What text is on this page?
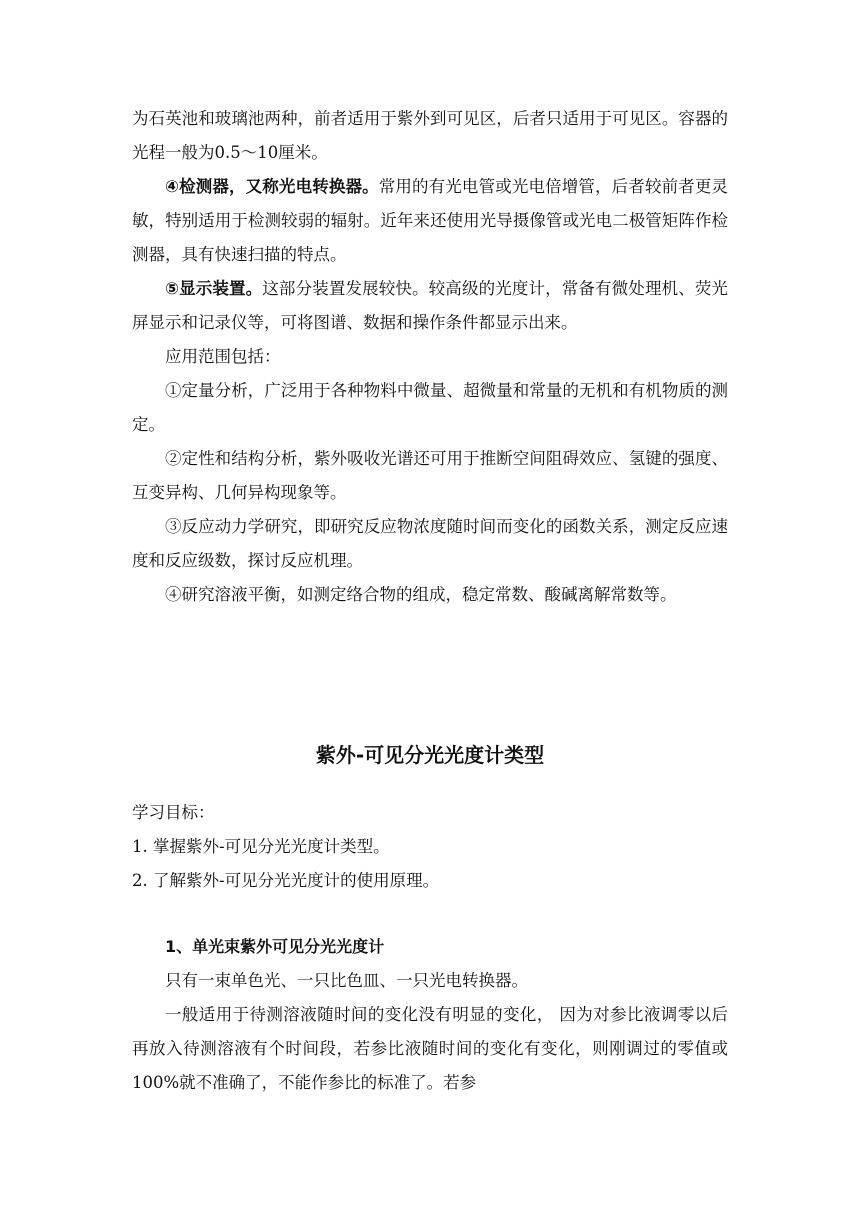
为石英池和玻璃池两种，前者适用于紫外到可见区，后者只适用于可见区。容器的光程一般为0.5～10厘米。

④检测器，又称光电转换器。常用的有光电管或光电倍增管，后者较前者更灵敏，特别适用于检测较弱的辐射。近年来还使用光导摄像管或光电二极管矩阵作检测器，具有快速扫描的特点。

⑤显示装置。这部分装置发展较快。较高级的光度计，常备有微处理机、荧光屏显示和记录仪等，可将图谱、数据和操作条件都显示出来。

应用范围包括：

①定量分析，广泛用于各种物料中微量、超微量和常量的无机和有机物质的测定。

②定性和结构分析，紫外吸收光谱还可用于推断空间阻碍效应、氢键的强度、互变异构、几何异构现象等。

③反应动力学研究，即研究反应物浓度随时间而变化的函数关系，测定反应速度和反应级数，探讨反应机理。

④研究溶液平衡，如测定络合物的组成，稳定常数、酸碱离解常数等。

紫外-可见分光光度计类型

学习目标：

1. 掌握紫外-可见分光光度计类型。

2. 了解紫外-可见分光光度计的使用原理。

1、单光束紫外可见分光光度计

只有一束单色光、一只比色皿、一只光电转换器。

一般适用于待测溶液随时间的变化没有明显的变化， 因为对参比液调零以后再放入待测溶液有个时间段，若参比液随时间的变化有变化，则刚调过的零值或 100%就不准确了，不能作参比的标准了。若参
